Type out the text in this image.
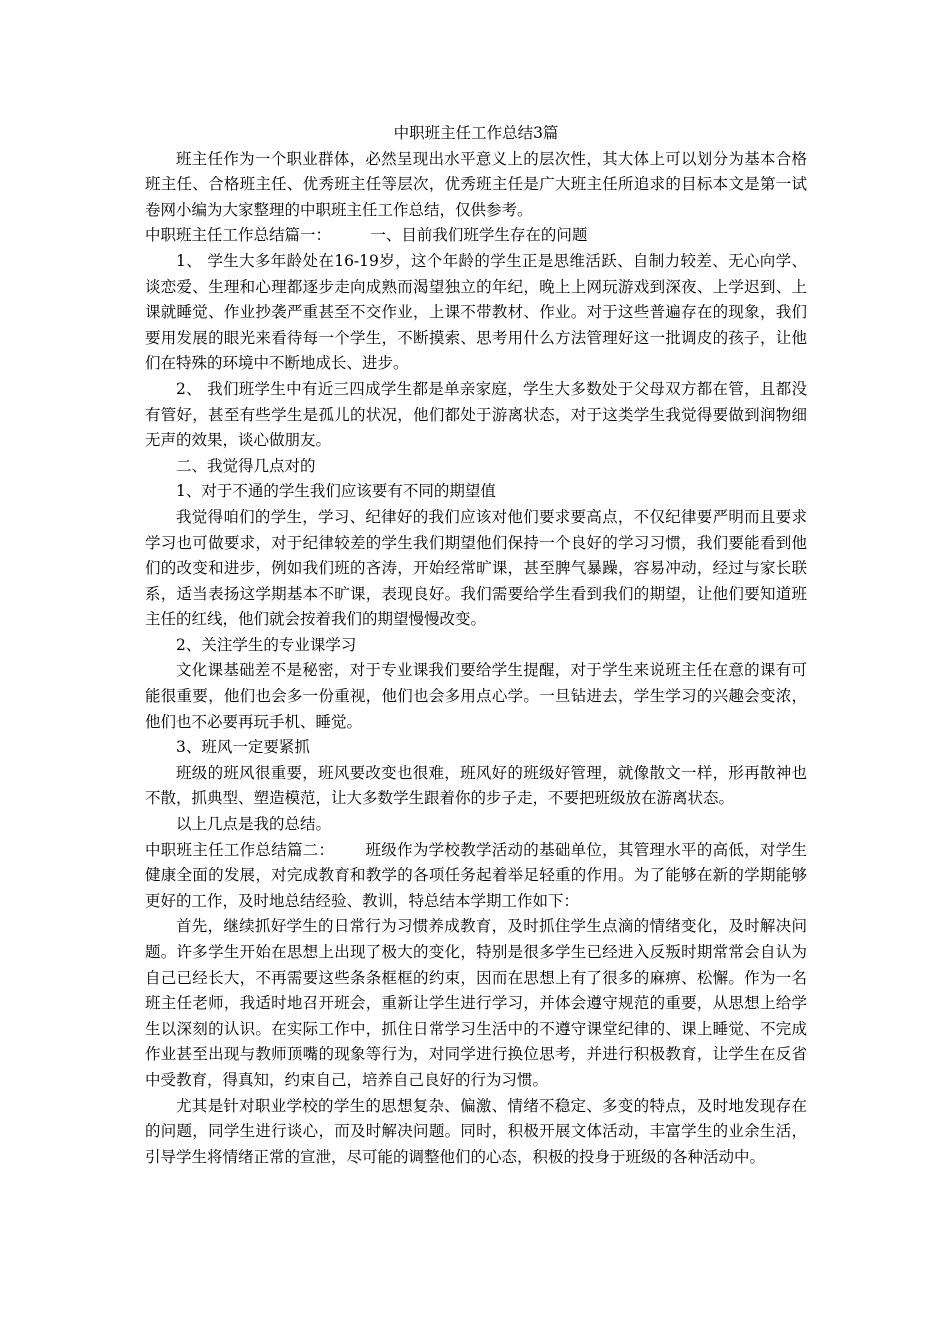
中职班主任工作总结3篇

班主任作为一个职业群体，必然呈现出水平意义上的层次性，其大体上可以划分为基本合格班主任、合格班主任、优秀班主任等层次，优秀班主任是广大班主任所追求的目标本文是第一试卷网小编为大家整理的中职班主任工作总结，仅供参考。

中职班主任工作总结篇一：        一、目前我们班学生存在的问题

1、 学生大多年龄处在16-19岁，这个年龄的学生正是思维活跃、自制力较差、无心向学、谈恋爱、生理和心理都逐步走向成熟而渴望独立的年纪，晚上上网玩游戏到深夜、上学迟到、上课就睡觉、作业抄袭严重甚至不交作业，上课不带教材、作业。对于这些普遍存在的现象，我们要用发展的眼光来看待每一个学生，不断摸索、思考用什么方法管理好这一批调皮的孩子，让他们在特殊的环境中不断地成长、进步。

2、 我们班学生中有近三四成学生都是单亲家庭，学生大多数处于父母双方都在管，且都没有管好，甚至有些学生是孤儿的状况，他们都处于游离状态，对于这类学生我觉得要做到润物细无声的效果，谈心做朋友。

二、我觉得几点对的

1、对于不通的学生我们应该要有不同的期望值

我觉得咱们的学生，学习、纪律好的我们应该对他们要求要高点，不仅纪律要严明而且要求学习也可做要求，对于纪律较差的学生我们期望他们保持一个良好的学习习惯，我们要能看到他们的改变和进步，例如我们班的吝涛，开始经常旷课，甚至脾气暴躁，容易冲动，经过与家长联系，适当表扬这学期基本不旷课，表现良好。我们需要给学生看到我们的期望，让他们要知道班主任的红线，他们就会按着我们的期望慢慢改变。

2、关注学生的专业课学习

文化课基础差不是秘密，对于专业课我们要给学生提醒，对于学生来说班主任在意的课有可能很重要，他们也会多一份重视，他们也会多用点心学。一旦钻进去，学生学习的兴趣会变浓，他们也不必要再玩手机、睡觉。

3、班风一定要紧抓

班级的班风很重要，班风要改变也很难，班风好的班级好管理，就像散文一样，形再散神也不散，抓典型、塑造模范，让大多数学生跟着你的步子走，不要把班级放在游离状态。

以上几点是我的总结。

中职班主任工作总结篇二：      班级作为学校教学活动的基础单位，其管理水平的高低，对学生健康全面的发展，对完成教育和教学的各项任务起着举足轻重的作用。为了能够在新的学期能够更好的工作，及时地总结经验、教训，特总结本学期工作如下：

首先，继续抓好学生的日常行为习惯养成教育，及时抓住学生点滴的情绪变化，及时解决问题。许多学生开始在思想上出现了极大的变化，特别是很多学生已经进入反叛时期常常会自认为自己已经长大，不再需要这些条条框框的约束，因而在思想上有了很多的麻痹、松懈。作为一名班主任老师，我适时地召开班会，重新让学生进行学习，并体会遵守规范的重要，从思想上给学生以深刻的认识。在实际工作中，抓住日常学习生活中的不遵守课堂纪律的、课上睡觉、不完成作业甚至出现与教师顶嘴的现象等行为，对同学进行换位思考，并进行积极教育，让学生在反省中受教育，得真知，约束自己，培养自己良好的行为习惯。

尤其是针对职业学校的学生的思想复杂、偏激、情绪不稳定、多变的特点，及时地发现存在的问题，同学生进行谈心，而及时解决问题。同时，积极开展文体活动，丰富学生的业余生活，引导学生将情绪正常的宣泄，尽可能的调整他们的心态，积极的投身于班级的各种活动中。
